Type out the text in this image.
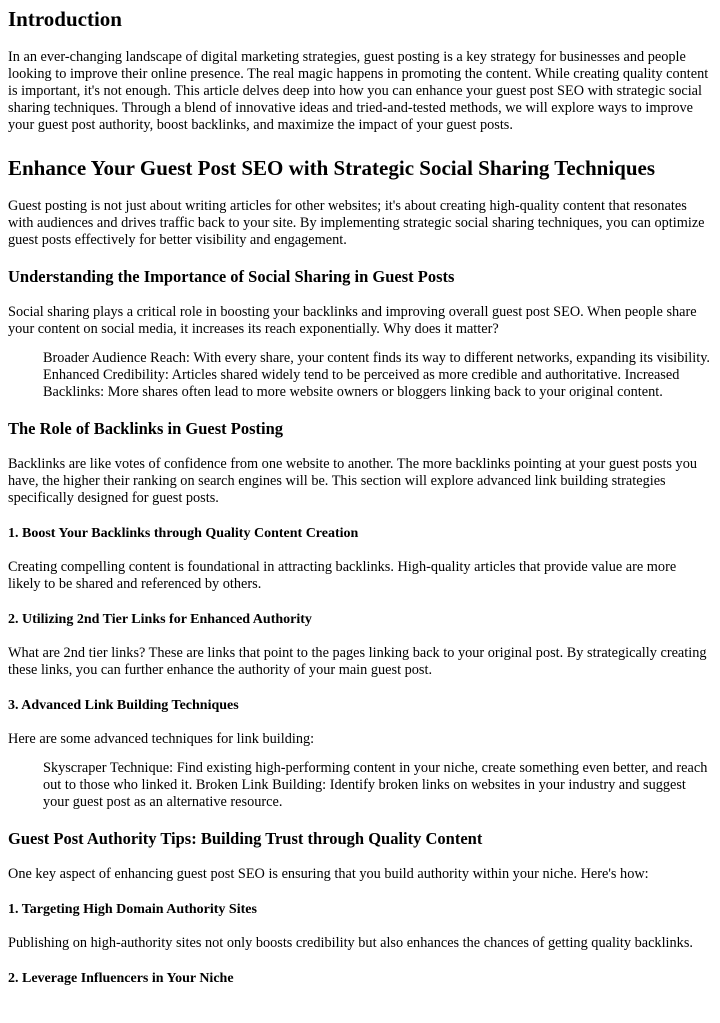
Introduction

In an ever-changing landscape of digital marketing strategies, guest posting is a key strategy for businesses and people looking to improve their online presence. The real magic happens in promoting the content. While creating quality content is important, it's not enough. This article delves deep into how you can enhance your guest post SEO with strategic social sharing techniques. Through a blend of innovative ideas and tried-and-tested methods, we will explore ways to improve your guest post authority, boost backlinks, and maximize the impact of your guest posts.

Enhance Your Guest Post SEO with Strategic Social Sharing Techniques

Guest posting is not just about writing articles for other websites; it's about creating high-quality content that resonates with audiences and drives traffic back to your site. By implementing strategic social sharing techniques, you can optimize guest posts effectively for better visibility and engagement.

Understanding the Importance of Social Sharing in Guest Posts

Social sharing plays a critical role in boosting your backlinks and improving overall guest post SEO. When people share your content on social media, it increases its reach exponentially. Why does it matter?

Broader Audience Reach: With every share, your content finds its way to different networks, expanding its visibility. Enhanced Credibility: Articles shared widely tend to be perceived as more credible and authoritative. Increased Backlinks: More shares often lead to more website owners or bloggers linking back to your original content.
The Role of Backlinks in Guest Posting

Backlinks are like votes of confidence from one website to another. The more backlinks pointing at your guest posts you have, the higher their ranking on search engines will be. This section will explore advanced link building strategies specifically designed for guest posts.

1. Boost Your Backlinks through Quality Content Creation

Creating compelling content is foundational in attracting backlinks. High-quality articles that provide value are more likely to be shared and referenced by others.

2. Utilizing 2nd Tier Links for Enhanced Authority

What are 2nd tier links? These are links that point to the pages linking back to your original post. By strategically creating these links, you can further enhance the authority of your main guest post.

3. Advanced Link Building Techniques

Here are some advanced techniques for link building:

Skyscraper Technique: Find existing high-performing content in your niche, create something even better, and reach out to those who linked it. Broken Link Building: Identify broken links on websites in your industry and suggest your guest post as an alternative resource.
Guest Post Authority Tips: Building Trust through Quality Content

One key aspect of enhancing guest post SEO is ensuring that you build authority within your niche. Here's how:

1. Targeting High Domain Authority Sites

Publishing on high-authority sites not only boosts credibility but also enhances the chances of getting quality backlinks.

2. Leverage Influencers in Your Niche
